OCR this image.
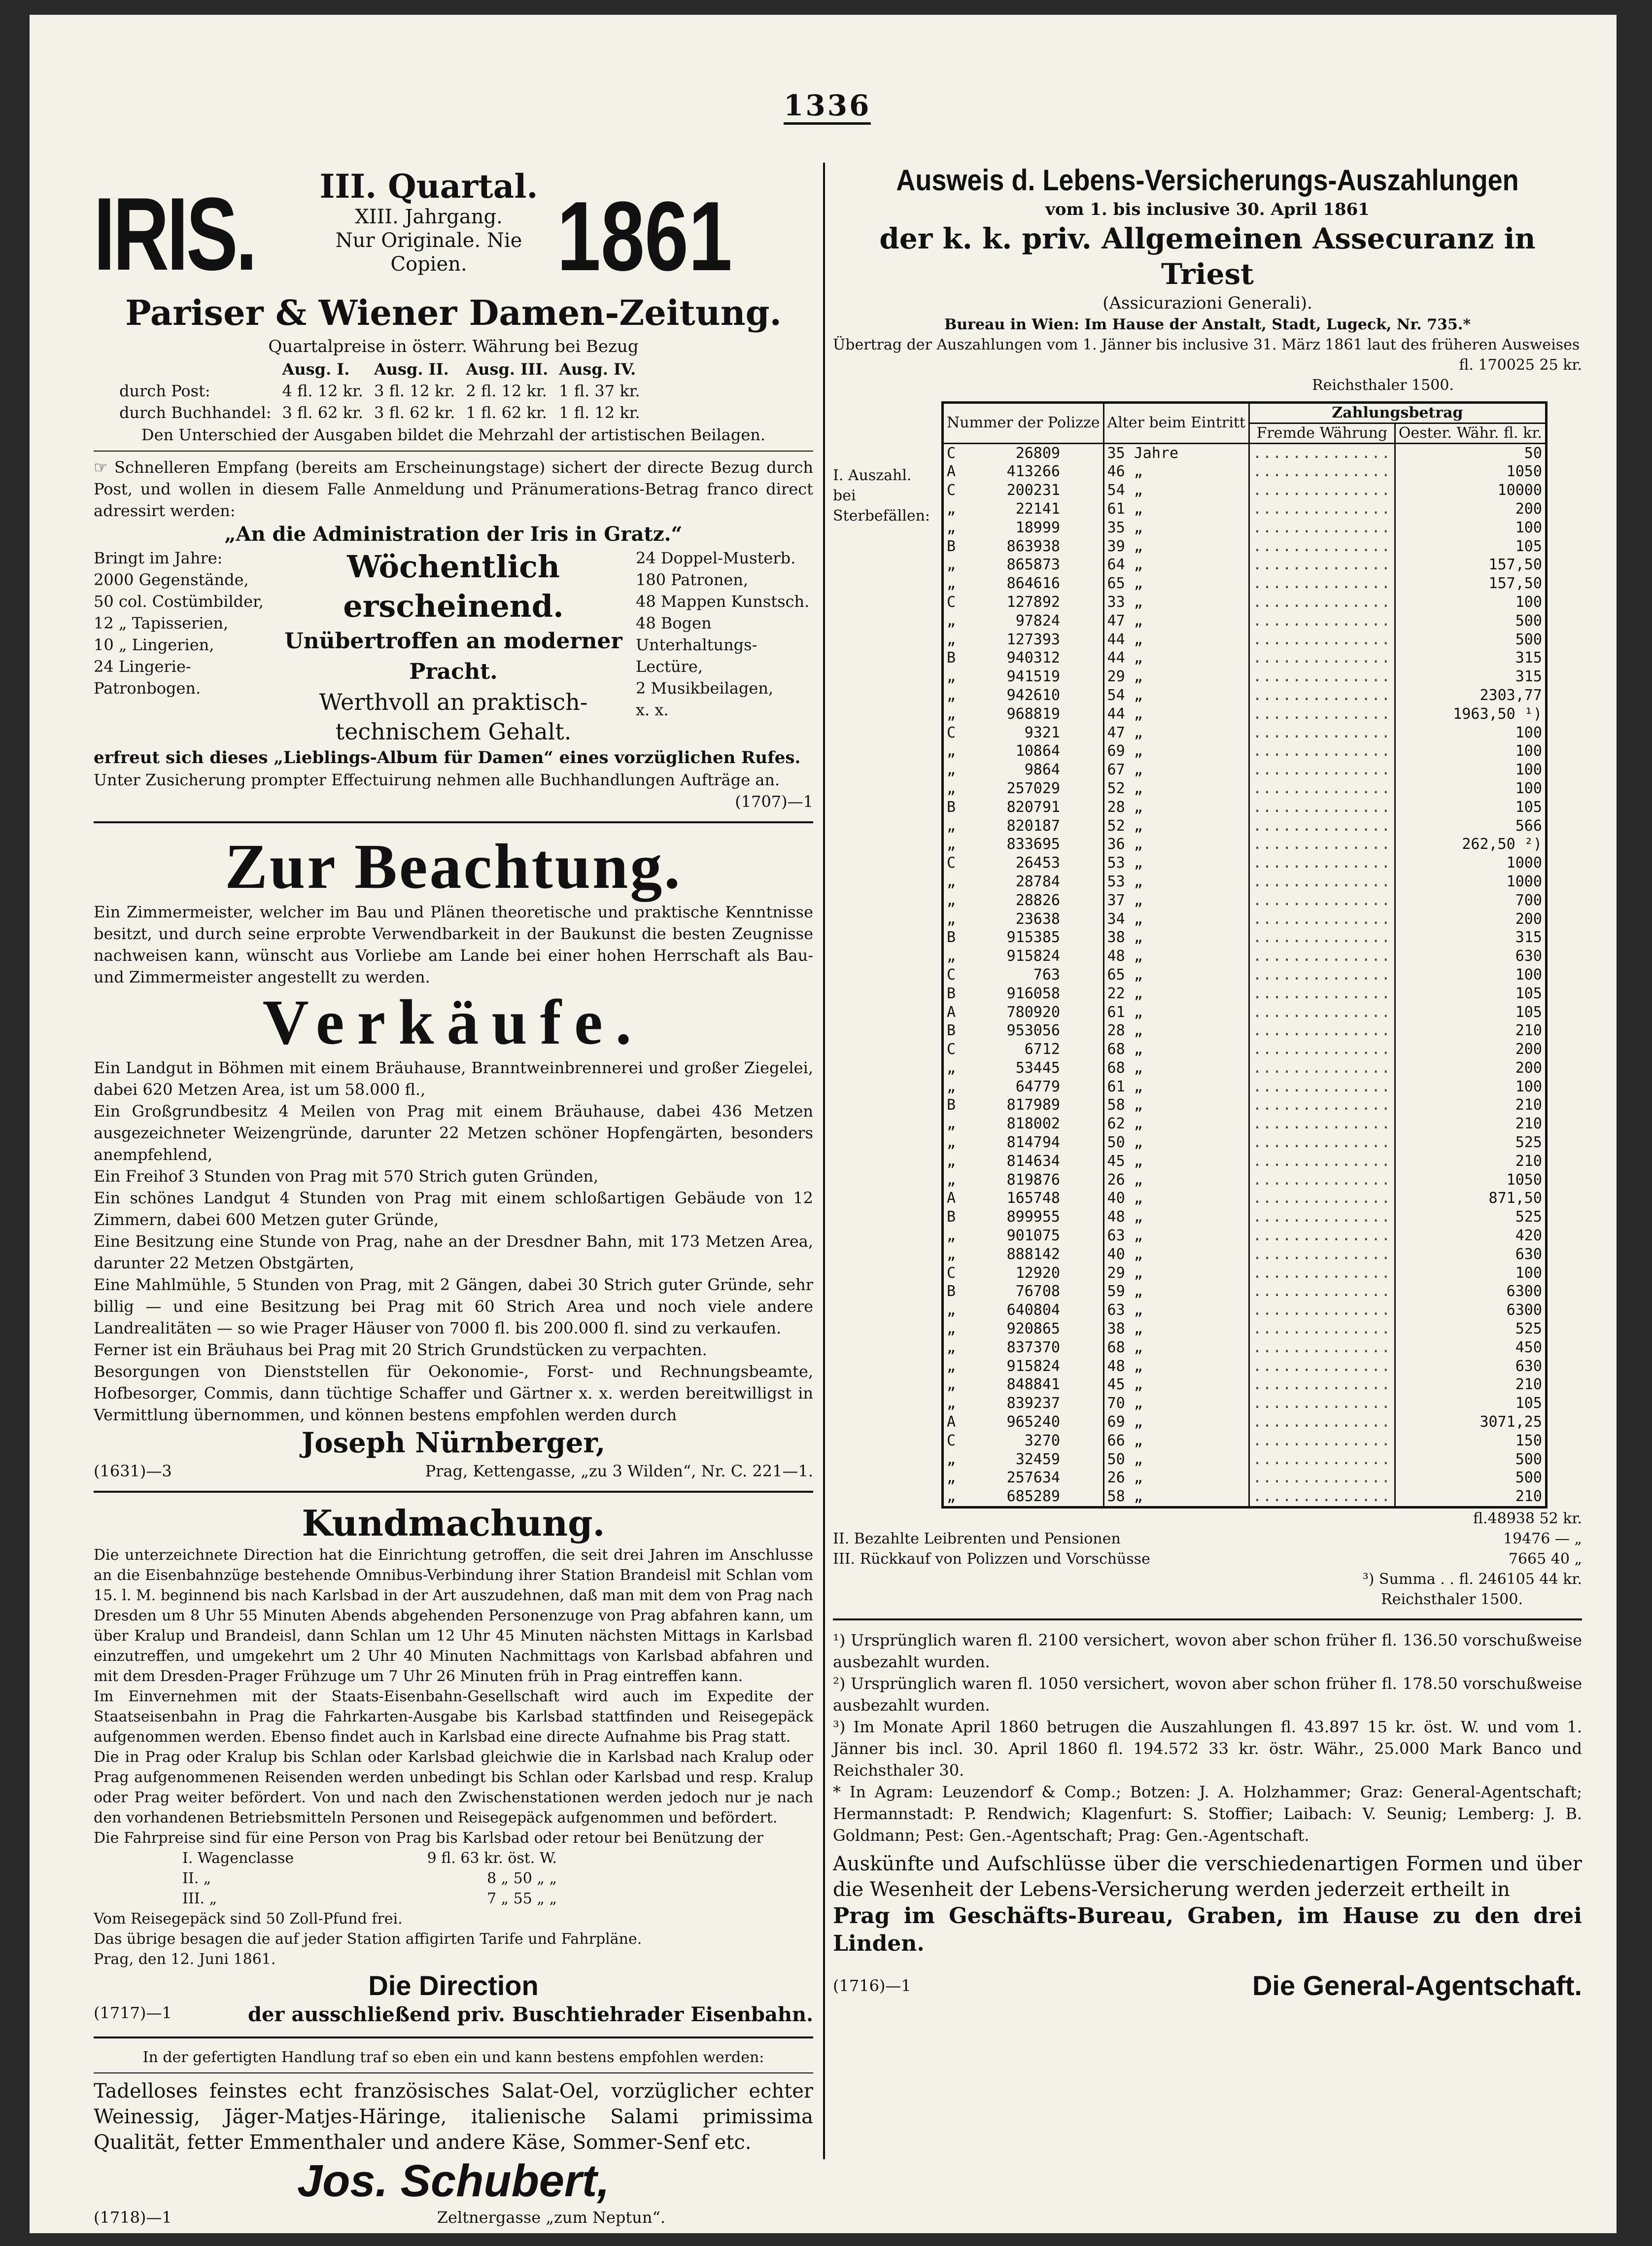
1336
IRIS.	III. Quartal.

XIII. Jahrgang.

Nur Originale. Nie Copien. 1861

Pariser & Wiener Damen-Zeitung.

Quartalpreise in österr. Währung bei Bezug

	Ausg. I.	Ausg. II.	Ausg. III.	Ausg. IV.
durch Post:	4 fl. 12 kr.	3 fl. 12 kr.	2 fl. 12 kr.	1 fl. 37 kr.
durch Buchhandel:	3 fl. 62 kr.	3 fl. 62 kr.	1 fl. 62 kr.	1 fl. 12 kr.

Den Unterschied der Ausgaben bildet die Mehrzahl der artistischen Beilagen.

☞ Schnelleren Empfang (bereits am Erscheinungstage) sichert der directe Bezug durch Post, und wollen in diesem Falle Anmeldung und Pränumerations-Betrag franco direct adressirt werden:

„An die Administration der Iris in Gratz.“

Bringt im Jahre:

2000 Gegenstände,

50 col. Costümbilder,

12 „ Tapisserien,

10 „ Lingerien,

24 Lingerie-Patronbogen.

Wöchentlich erscheinend.

Unübertroffen an moderner Pracht.

Werthvoll an praktisch-technischem Gehalt.

24 Doppel-Musterb.

180 Patronen,

48 Mappen Kunstsch.

48 Bogen Unterhaltungs-Lectüre,

2 Musikbeilagen,

x. x.

erfreut sich dieses „Lieblings-Album für Damen“ eines vorzüglichen Rufes.

Unter Zusicherung prompter Effectuirung nehmen alle Buchhandlungen Aufträge an.

(1707)—1

Zur Beachtung.

Ein Zimmermeister, welcher im Bau und Plänen theoretische und praktische Kenntnisse besitzt, und durch seine erprobte Verwendbarkeit in der Baukunst die besten Zeugnisse nachweisen kann, wünscht aus Vorliebe am Lande bei einer hohen Herrschaft als Bau- und Zimmermeister angestellt zu werden.

Verkäufe.

Ein Landgut in Böhmen mit einem Bräuhause, Branntweinbrennerei und großer Ziegelei, dabei 620 Metzen Area, ist um 58.000 fl.,

Ein Großgrundbesitz 4 Meilen von Prag mit einem Bräuhause, dabei 436 Metzen ausgezeichneter Weizengründe, darunter 22 Metzen schöner Hopfengärten, besonders anempfehlend,

Ein Freihof 3 Stunden von Prag mit 570 Strich guten Gründen,

Ein schönes Landgut 4 Stunden von Prag mit einem schloßartigen Gebäude von 12 Zimmern, dabei 600 Metzen guter Gründe,

Eine Besitzung eine Stunde von Prag, nahe an der Dresdner Bahn, mit 173 Metzen Area, darunter 22 Metzen Obstgärten,

Eine Mahlmühle, 5 Stunden von Prag, mit 2 Gängen, dabei 30 Strich guter Gründe, sehr billig — und eine Besitzung bei Prag mit 60 Strich Area und noch viele andere Landrealitäten — so wie Prager Häuser von 7000 fl. bis 200.000 fl. sind zu verkaufen.

Ferner ist ein Bräuhaus bei Prag mit 20 Strich Grundstücken zu verpachten.

Besorgungen von Dienststellen für Oekonomie-, Forst- und Rechnungsbeamte, Hofbesorger, Commis, dann tüchtige Schaffer und Gärtner x. x. werden bereitwilligst in Vermittlung übernommen, und können bestens empfohlen werden durch

Joseph Nürnberger,

(1631)—3	Prag, Kettengasse, „zu 3 Wilden“, Nr. C. 221—1.

Kundmachung.

Die unterzeichnete Direction hat die Einrichtung getroffen, die seit drei Jahren im Anschlusse an die Eisenbahnzüge bestehende Omnibus-Verbindung ihrer Station Brandeisl mit Schlan vom 15. l. M. beginnend bis nach Karlsbad in der Art auszudehnen, daß man mit dem von Prag nach Dresden um 8 Uhr 55 Minuten Abends abgehenden Personenzuge von Prag abfahren kann, um über Kralup und Brandeisl, dann Schlan um 12 Uhr 45 Minuten nächsten Mittags in Karlsbad einzutreffen, und umgekehrt um 2 Uhr 40 Minuten Nachmittags von Karlsbad abfahren und mit dem Dresden-Prager Frühzuge um 7 Uhr 26 Minuten früh in Prag eintreffen kann.

Im Einvernehmen mit der Staats-Eisenbahn-Gesellschaft wird auch im Expedite der Staatseisenbahn in Prag die Fahrkarten-Ausgabe bis Karlsbad stattfinden und Reisegepäck aufgenommen werden. Ebenso findet auch in Karlsbad eine directe Aufnahme bis Prag statt.

Die in Prag oder Kralup bis Schlan oder Karlsbad gleichwie die in Karlsbad nach Kralup oder Prag aufgenommenen Reisenden werden unbedingt bis Schlan oder Karlsbad und resp. Kralup oder Prag weiter befördert. Von und nach den Zwischenstationen werden jedoch nur je nach den vorhandenen Betriebsmitteln Personen und Reisegepäck aufgenommen und befördert.

Die Fahrpreise sind für eine Person von Prag bis Karlsbad oder retour bei Benützung der

I. Wagenclasse	9 fl. 63 kr. öst. W.
II. „	8 „ 50 „ „
III. „	7 „ 55 „ „

Vom Reisegepäck sind 50 Zoll-Pfund frei.

Das übrige besagen die auf jeder Station affigirten Tarife und Fahrpläne.

Prag, den 12. Juni 1861.

Die Direction

(1717)—1	der ausschließend priv. Buschtiehrader Eisenbahn.

In der gefertigten Handlung traf so eben ein und kann bestens empfohlen werden:

Tadelloses feinstes echt französisches Salat-Oel, vorzüglicher echter Weinessig, Jäger-Matjes-Häringe, italienische Salami primissima Qualität, fetter Emmenthaler und andere Käse, Sommer-Senf etc.

Jos. Schubert,

(1718)—1	Zeltnergasse „zum Neptun“.

Ausweis d. Lebens-Versicherungs-Auszahlungen

vom 1. bis inclusive 30. April 1861

der k. k. priv. Allgemeinen Assecuranz in Triest

(Assicurazioni Generali).

Bureau in Wien: Im Hause der Anstalt, Stadt, Lugeck, Nr. 735.*

Übertrag der Auszahlungen vom 1. Jänner bis inclusive 31. März 1861 laut des früheren Ausweises

fl. 170025 25 kr.

Reichsthaler 1500.

I. Auszahl. bei Sterbefällen:

Nummer der Polizze	Alter beim Eintritt	Zahlungsbetrag	
		Fremde Währung	Oester. Währ. fl. kr.
C 26809	35 Jahre	..............	50
A 413266	46 „	..............	1050
C 200231	54 „	..............	10000
„ 22141	61 „	..............	200
„ 18999	35 „	..............	100
B 863938	39 „	..............	105
„ 865873	64 „	..............	157,50
„ 864616	65 „	..............	157,50
C 127892	33 „	..............	100
„ 97824	47 „	..............	500
„ 127393	44 „	..............	500
B 940312	44 „	..............	315
„ 941519	29 „	..............	315
„ 942610	54 „	..............	2303,77
„ 968819	44 „	..............	1963,50 ¹)
C 9321	47 „	..............	100
„ 10864	69 „	..............	100
„ 9864	67 „	..............	100
„ 257029	52 „	..............	100
B 820791	28 „	..............	105
„ 820187	52 „	..............	566
„ 833695	36 „	..............	262,50 ²)
C 26453	53 „	..............	1000
„ 28784	53 „	..............	1000
„ 28826	37 „	..............	700
„ 23638	34 „	..............	200
B 915385	38 „	..............	315
„ 915824	48 „	..............	630
C 763	65 „	..............	100
B 916058	22 „	..............	105
A 780920	61 „	..............	105
B 953056	28 „	..............	210
C 6712	68 „	..............	200
„ 53445	68 „	..............	200
„ 64779	61 „	..............	100
B 817989	58 „	..............	210
„ 818002	62 „	..............	210
„ 814794	50 „	..............	525
„ 814634	45 „	..............	210
„ 819876	26 „	..............	1050
A 165748	40 „	..............	871,50
B 899955	48 „	..............	525
„ 901075	63 „	..............	420
„ 888142	40 „	..............	630
C 12920	29 „	..............	100
B 76708	59 „	..............	6300
„ 640804	63 „	..............	6300
„ 920865	38 „	..............	525
„ 837370	68 „	..............	450
„ 915824	48 „	..............	630
„ 848841	45 „	..............	210
„ 839237	70 „	..............	105
A 965240	69 „	..............	3071,25
C 3270	66 „	..............	150
„ 32459	50 „	..............	500
„ 257634	26 „	..............	500
„ 685289	58 „	..............	210

fl.48938 52 kr.

II. Bezahlte Leibrenten und Pensionen	19476 — „
III. Rückkauf von Polizzen und Vorschüsse	7665 40 „

³) Summa . . fl. 246105 44 kr.

Reichsthaler 1500.

¹) Ursprünglich waren fl. 2100 versichert, wovon aber schon früher fl. 136.50 vorschußweise ausbezahlt wurden.

²) Ursprünglich waren fl. 1050 versichert, wovon aber schon früher fl. 178.50 vorschußweise ausbezahlt wurden.

³) Im Monate April 1860 betrugen die Auszahlungen fl. 43.897 15 kr. öst. W. und vom 1. Jänner bis incl. 30. April 1860 fl. 194.572 33 kr. östr. Währ., 25.000 Mark Banco und Reichsthaler 30.

* In Agram: Leuzendorf & Comp.; Botzen: J. A. Holzhammer; Graz: General-Agentschaft; Hermannstadt: P. Rendwich; Klagenfurt: S. Stoffier; Laibach: V. Seunig; Lemberg: J. B. Goldmann; Pest: Gen.-Agentschaft; Prag: Gen.-Agentschaft.

Auskünfte und Aufschlüsse über die verschiedenartigen Formen und über die Wesenheit der Lebens-Versicherung werden jederzeit ertheilt in

Prag im Geschäfts-Bureau, Graben, im Hause zu den drei Linden.

(1716)—1	Die General-Agentschaft.
